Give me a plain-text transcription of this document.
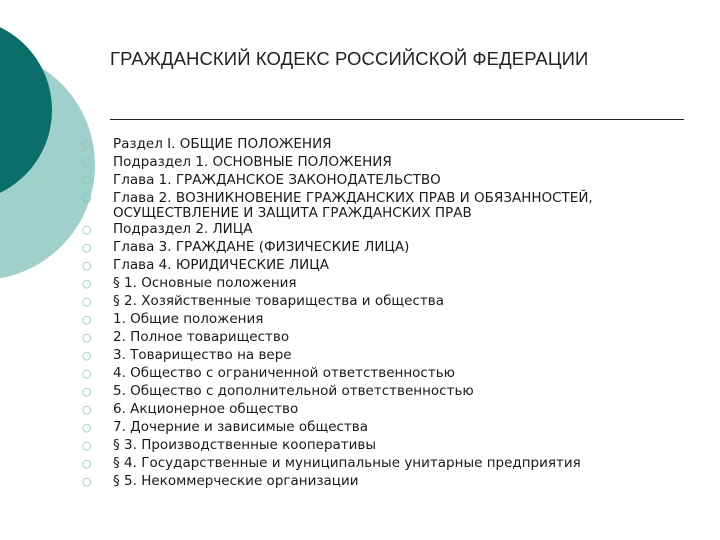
ГРАЖДАНСКИЙ КОДЕКС РОССИЙСКОЙ ФЕДЕРАЦИИ
○	Раздел I. ОБЩИЕ ПОЛОЖЕНИЯ
○	Подраздел 1. ОСНОВНЫЕ ПОЛОЖЕНИЯ
○	Глава 1. ГРАЖДАНСКОЕ ЗАКОНОДАТЕЛЬСТВО
○	Глава 2. ВОЗНИКНОВЕНИЕ ГРАЖДАНСКИХ ПРАВ И ОБЯЗАННОСТЕЙ,
ОСУЩЕСТВЛЕНИЕ И ЗАЩИТА ГРАЖДАНСКИХ ПРАВ
○	Подраздел 2. ЛИЦА
○	Глава 3. ГРАЖДАНЕ (ФИЗИЧЕСКИЕ ЛИЦА)
○	Глава 4. ЮРИДИЧЕСКИЕ ЛИЦА
○	§ 1. Основные положения
○	§ 2. Хозяйственные товарищества и общества
○	1. Общие положения
○	2. Полное товарищество
○	3. Товарищество на вере
○	4. Общество с ограниченной ответственностью
○	5. Общество с дополнительной ответственностью
○	6. Акционерное общество
○	7. Дочерние и зависимые общества
○	§ 3. Производственные кооперативы
○	§ 4. Государственные и муниципальные унитарные предприятия
○	§ 5. Некоммерческие организации
